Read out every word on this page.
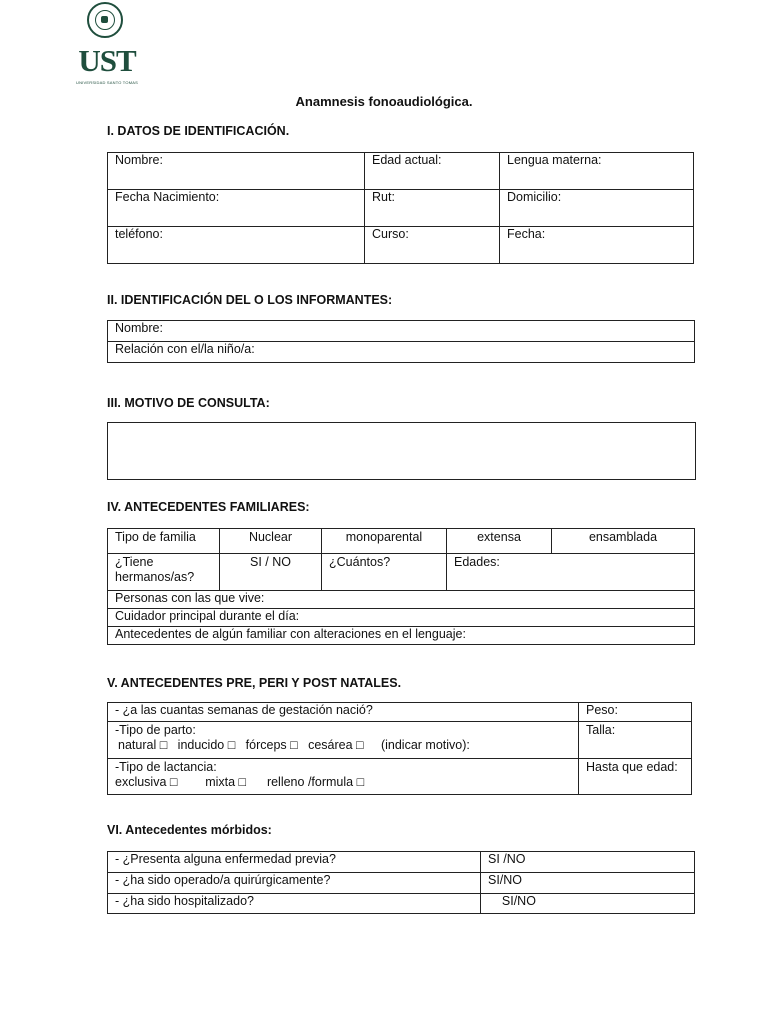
UST
UNIVERSIDAD SANTO TOMAS
Anamnesis fonoaudiológica.
I. DATOS DE IDENTIFICACIÓN.
Nombre:	Edad actual:	Lengua materna:
Fecha Nacimiento:	Rut:	Domicilio:
teléfono:	Curso:	Fecha:
II. IDENTIFICACIÓN DEL O LOS INFORMANTES:
Nombre:
Relación con el/la niño/a:
III. MOTIVO DE CONSULTA:
IV. ANTECEDENTES FAMILIARES:
Tipo de familia	Nuclear	monoparental	extensa	ensamblada
¿Tiene hermanos/as?	SI / NO	¿Cuántos?	Edades:	
Personas con las que vive:				
Cuidador principal durante el día:				
Antecedentes de algún familiar con alteraciones en el lenguaje:				
V. ANTECEDENTES PRE, PERI Y POST NATALES.
- ¿a las cuantas semanas de gestación nació?	Peso:

-Tipo de parto:
natural □   inducido □   fórceps □   cesárea □     (indicar motivo):	Talla:

-Tipo de lactancia:
exclusiva □        mixta □      relleno /formula □	Hasta que edad:
VI. Antecedentes mórbidos:
- ¿Presenta alguna enfermedad previa?	SI /NO
- ¿ha sido operado/a quirúrgicamente?	SI/NO
- ¿ha sido hospitalizado?	SI/NO
